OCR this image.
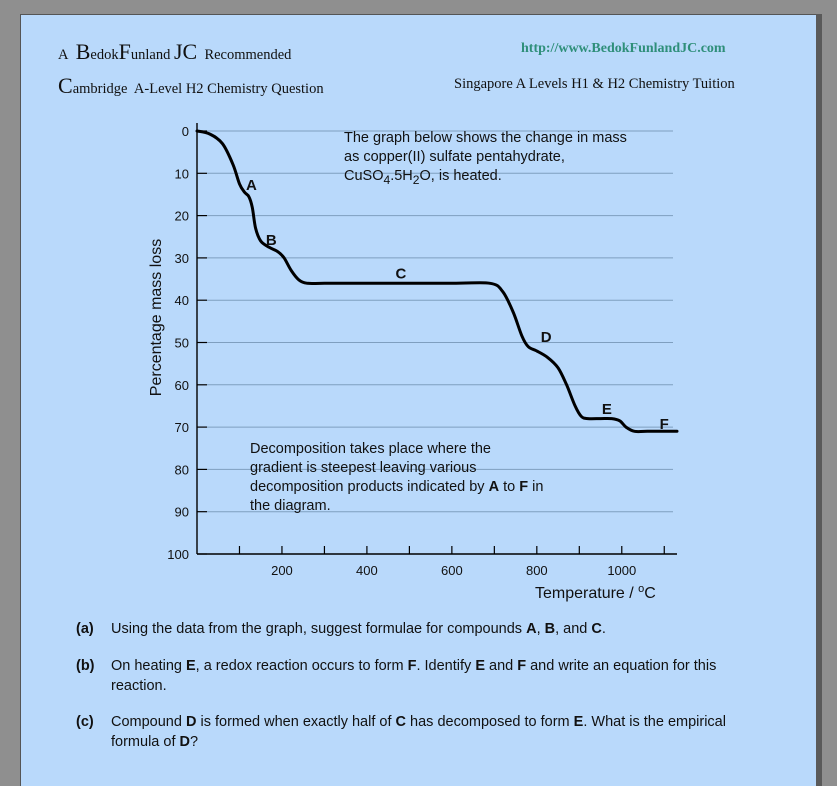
A BedokFunland JC Recommended
Cambridge A-Level H2 Chemistry Question
http://www.BedokFunlandJC.com
Singapore A Levels H1 & H2 Chemistry Tuition
0
10
20
30
40
50
60
70
80
90
100
200	400	600	800	1000
A
B
C
D
E
F
Percentage mass loss
Temperature / $^o$C
The graph below shows the change in mass
as copper(II) sulfate pentahydrate,
$CuSO_4.5H_2O$, is heated.
Decomposition takes place where the
gradient is steepest leaving various
decomposition products indicated by A to F in
the diagram.
(a) Using the data from the graph, suggest formulae for compounds A, B, and C.
(b) On heating E, a redox reaction occurs to form F. Identify E and F and write an equation for this reaction.
(c) Compound D is formed when exactly half of C has decomposed to form E. What is the empirical formula of D?
